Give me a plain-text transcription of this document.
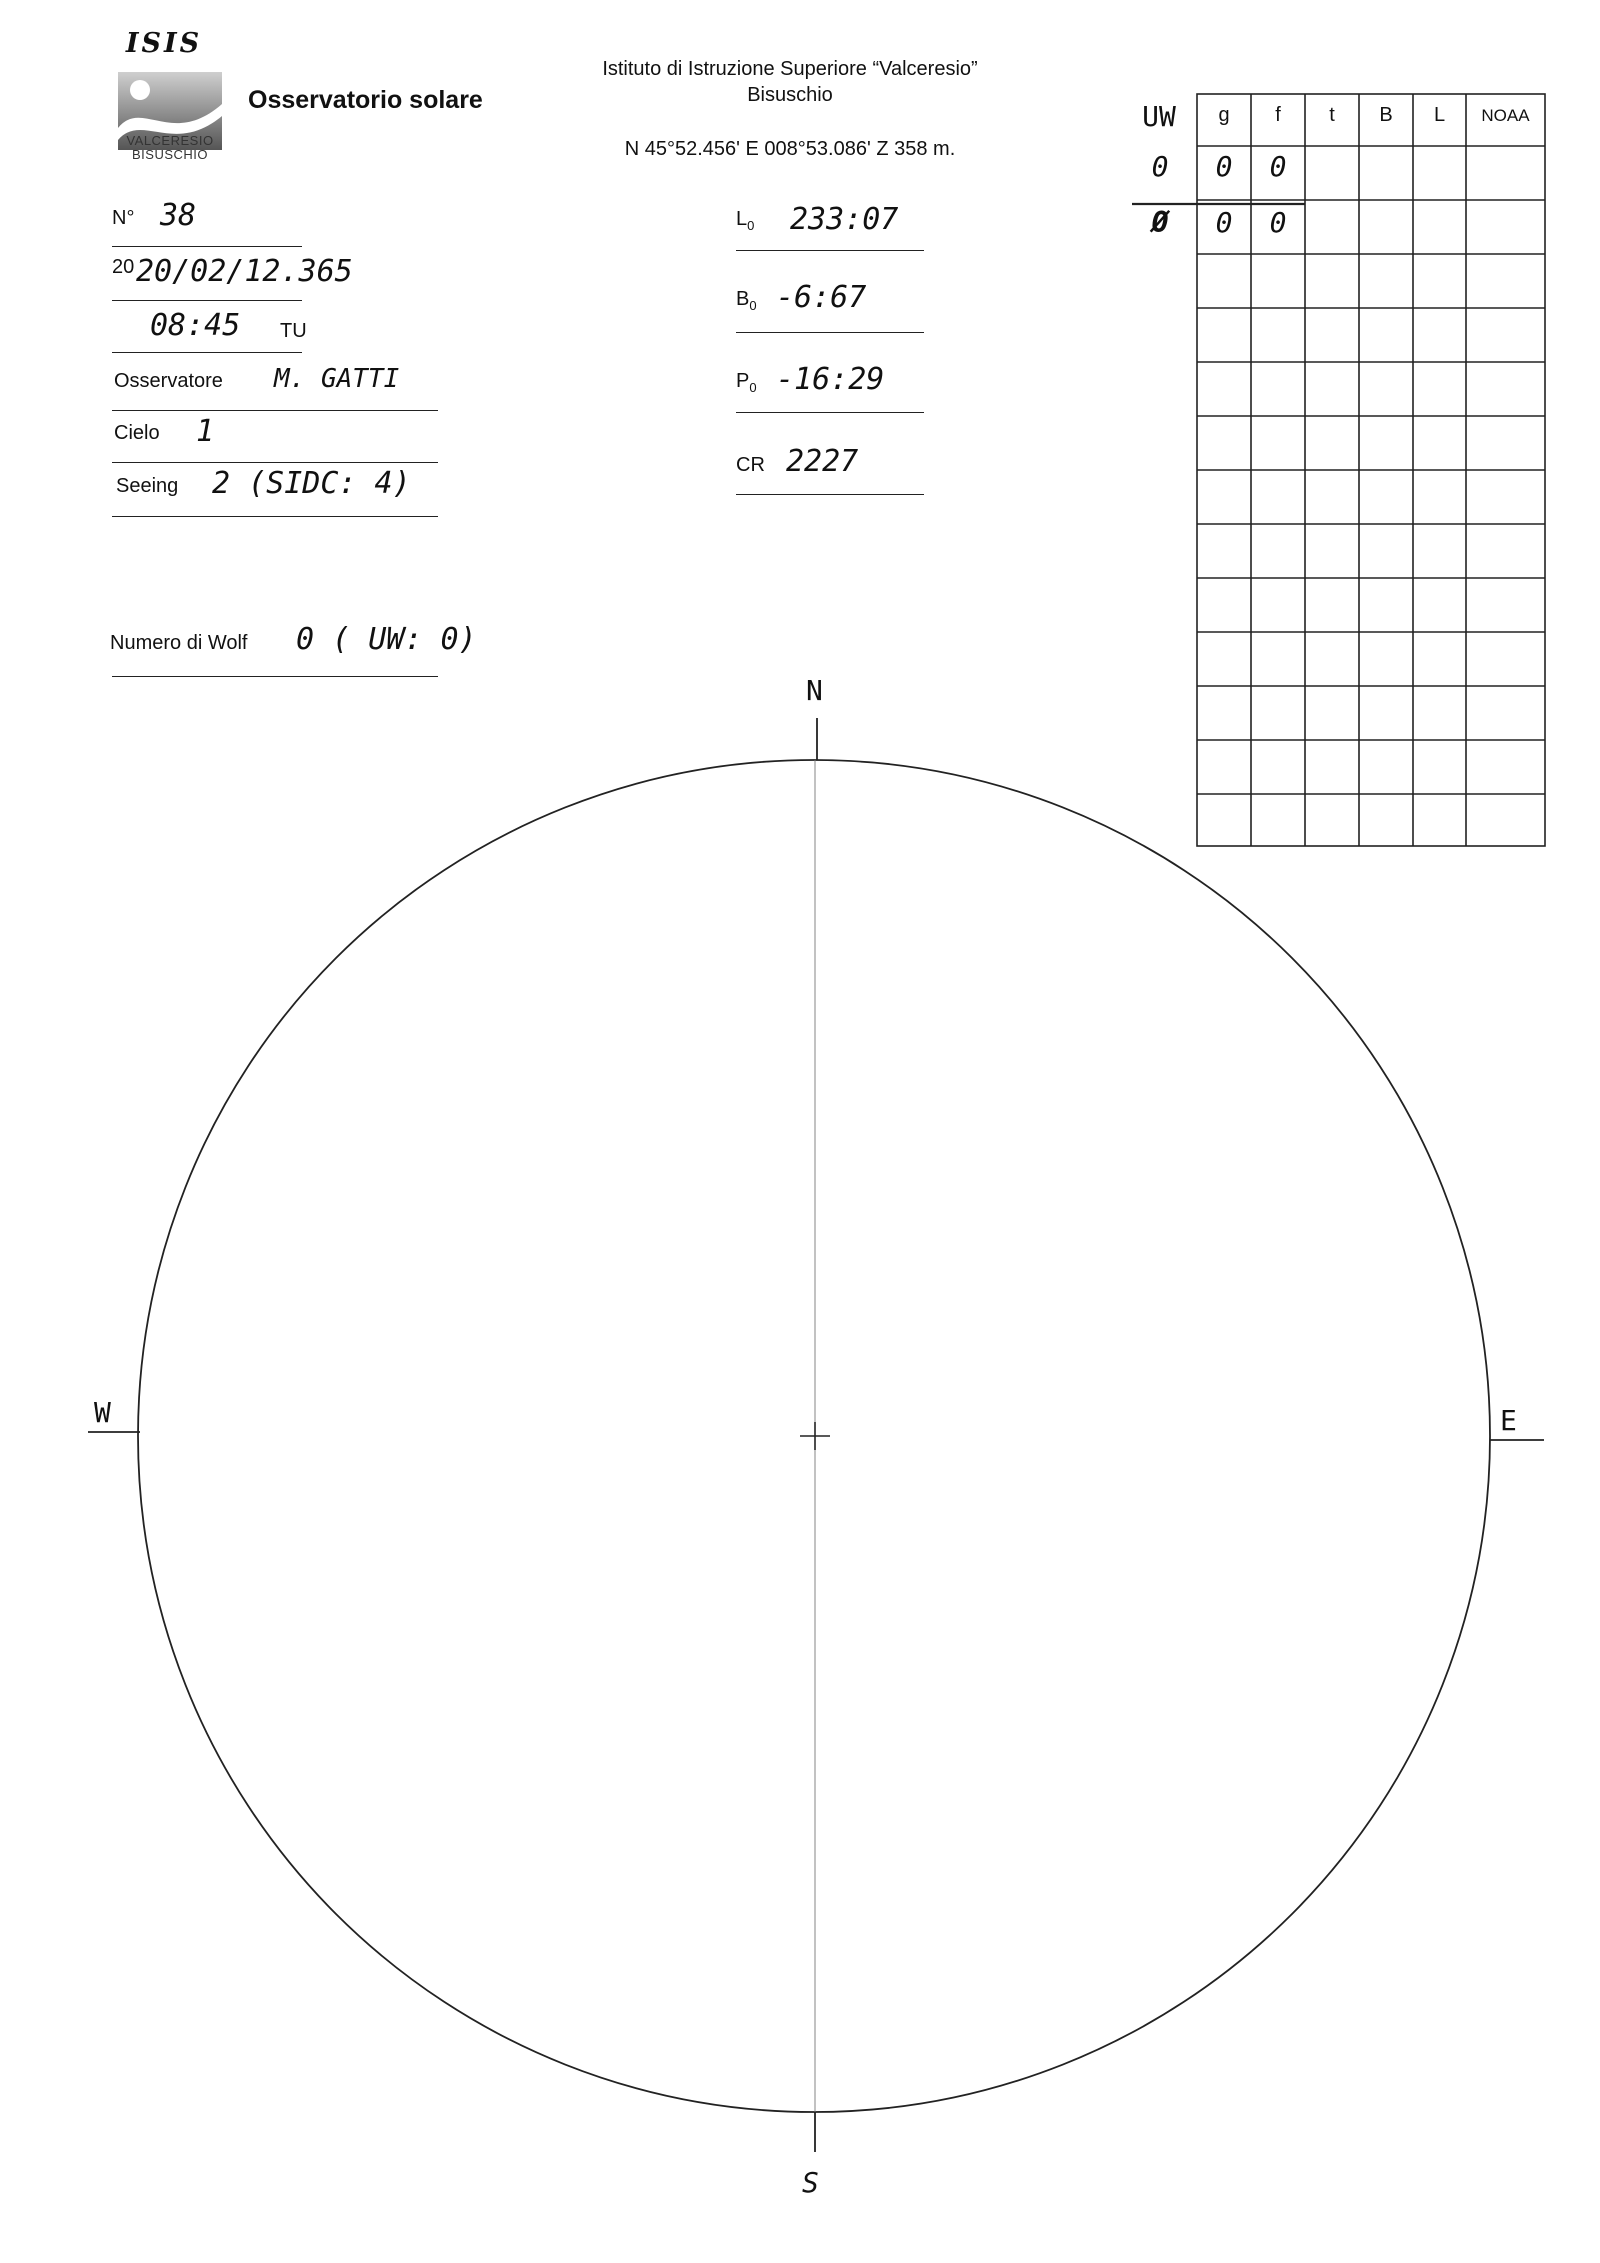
ISIS
VALCERESIO
BISUSCHIO
Osservatorio solare
Istituto di Istruzione Superiore “Valceresio”
Bisuschio
N 45°52.456' E 008°53.086' Z 358 m.
N° 38
20 20/02/12.365
08:45 TU
Osservatore M. GATTI
Cielo 1
Seeing 2 (SIDC: 4)
Numero di Wolf 0 ( UW: 0)
$L_0$ 233:07
$B_0$ -6:67
$P_0$ -16:29
CR 2227
UW	g	f	t	B	L	NOAA
0	0	0
Ø	0	0
N
S
W	E
